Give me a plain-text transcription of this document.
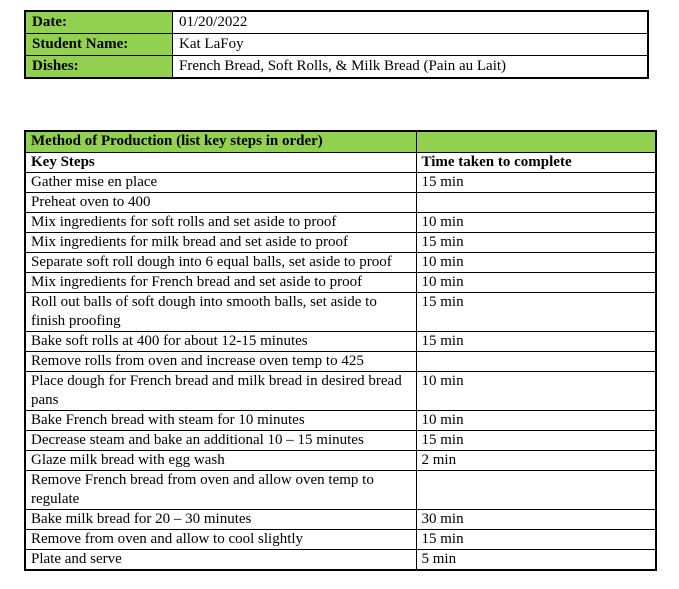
Date:	01/20/2022
Student Name:	Kat LaFoy
Dishes:	French Bread, Soft Rolls, & Milk Bread (Pain au Lait)
Method of Production (list key steps in order)	
Key Steps	Time taken to complete
Gather mise en place	15 min
Preheat oven to 400	
Mix ingredients for soft rolls and set aside to proof	10 min
Mix ingredients for milk bread and set aside to proof	15 min
Separate soft roll dough into 6 equal balls, set aside to proof	10 min
Mix ingredients for French bread and set aside to proof	10 min
Roll out balls of soft dough into smooth balls, set aside to finish proofing	15 min
Bake soft rolls at 400 for about 12-15 minutes	15 min
Remove rolls from oven and increase oven temp to 425	
Place dough for French bread and milk bread in desired bread pans	10 min
Bake French bread with steam for 10 minutes	10 min
Decrease steam and bake an additional 10 – 15 minutes	15 min
Glaze milk bread with egg wash	2 min
Remove French bread from oven and allow oven temp to regulate	
Bake milk bread for 20 – 30 minutes	30 min
Remove from oven and allow to cool slightly	15 min
Plate and serve	5 min
